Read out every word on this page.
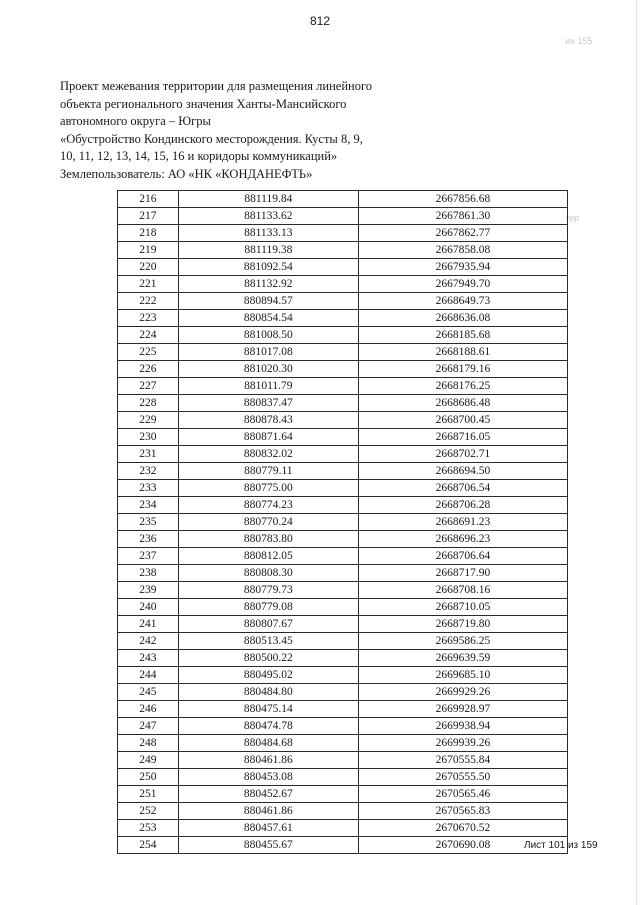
812
ин 155
тер
Проект межевания территории для размещения линейного
объекта регионального значения Ханты-Мансийского
автономного округа – Югры
«Обустройство Кондинского месторождения. Кусты 8, 9,
10, 11, 12, 13, 14, 15, 16 и коридоры коммуникаций»
Землепользователь: АО «НК «КОНДАНЕФТЬ»
216	881119.84	2667856.68
217	881133.62	2667861.30
218	881133.13	2667862.77
219	881119.38	2667858.08
220	881092.54	2667935.94
221	881132.92	2667949.70
222	880894.57	2668649.73
223	880854.54	2668636.08
224	881008.50	2668185.68
225	881017.08	2668188.61
226	881020.30	2668179.16
227	881011.79	2668176.25
228	880837.47	2668686.48
229	880878.43	2668700.45
230	880871.64	2668716.05
231	880832.02	2668702.71
232	880779.11	2668694.50
233	880775.00	2668706.54
234	880774.23	2668706.28
235	880770.24	2668691.23
236	880783.80	2668696.23
237	880812.05	2668706.64
238	880808.30	2668717.90
239	880779.73	2668708.16
240	880779.08	2668710.05
241	880807.67	2668719.80
242	880513.45	2669586.25
243	880500.22	2669639.59
244	880495.02	2669685.10
245	880484.80	2669929.26
246	880475.14	2669928.97
247	880474.78	2669938.94
248	880484.68	2669939.26
249	880461.86	2670555.84
250	880453.08	2670555.50
251	880452.67	2670565.46
252	880461.86	2670565.83
253	880457.61	2670670.52
254	880455.67	2670690.08	Лист 101 из 159
